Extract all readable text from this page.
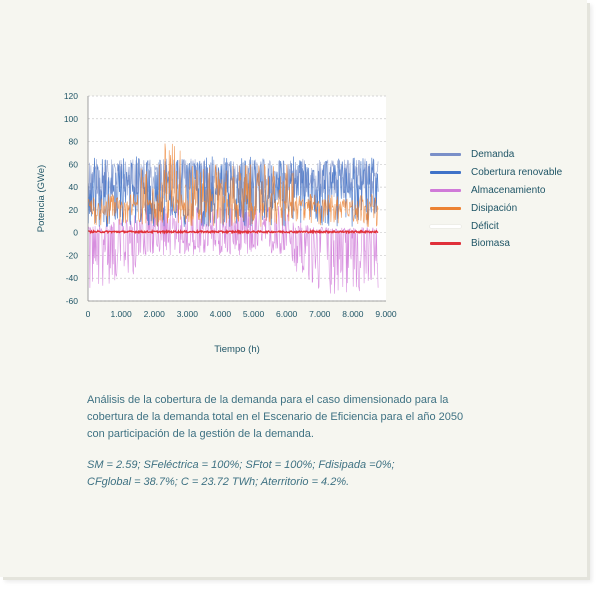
-60
-40
-20
0
20
40
60
80
100
120
0 1.000 2.000 3.000 4.000 5.000 6.000 7.000 8.000 9.000
Tiempo (h)
Potencia (GWe)
Demanda
Cobertura renovable
Almacenamiento
Disipación
Déficit
Biomasa

Análisis de la cobertura de la demanda para el caso dimensionado para la cobertura de la demanda total en el Escenario de Eficiencia para el año 2050 con participación de la gestión de la demanda.

SM = 2.59; SFeléctrica = 100%; SFtot = 100%; Fdisipada =0%;
CFglobal = 38.7%; C = 23.72 TWh; Aterritorio = 4.2%.
